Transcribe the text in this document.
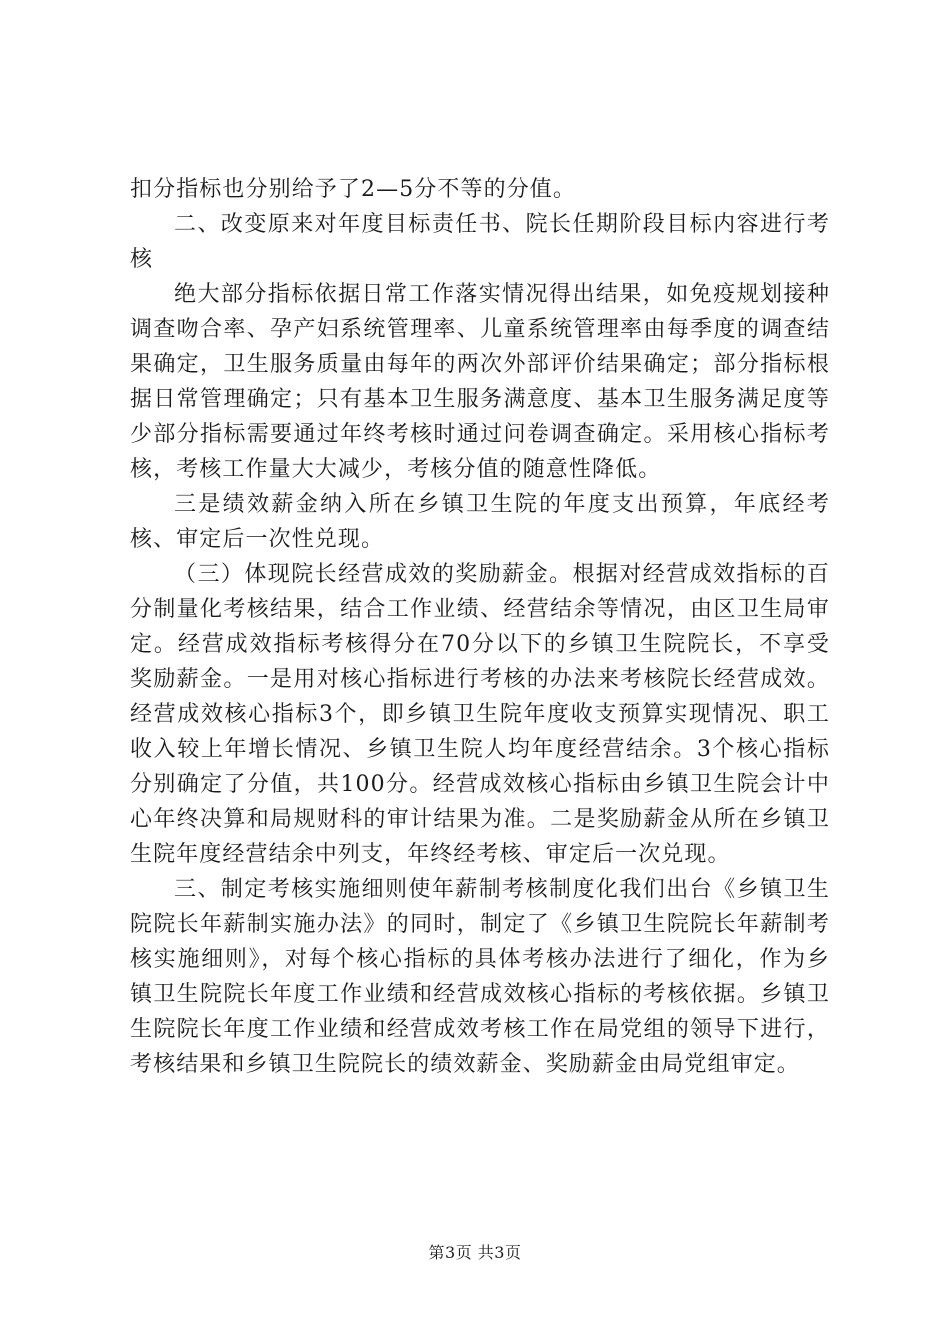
扣分指标也分别给予了2—5分不等的分值。

二、改变原来对年度目标责任书、院长任期阶段目标内容进行考核

绝大部分指标依据日常工作落实情况得出结果，如免疫规划接种调查吻合率、孕产妇系统管理率、儿童系统管理率由每季度的调查结果确定，卫生服务质量由每年的两次外部评价结果确定；部分指标根据日常管理确定；只有基本卫生服务满意度、基本卫生服务满足度等少部分指标需要通过年终考核时通过问卷调查确定。采用核心指标考核，考核工作量大大减少，考核分值的随意性降低。

三是绩效薪金纳入所在乡镇卫生院的年度支出预算，年底经考核、审定后一次性兑现。

（三）体现院长经营成效的奖励薪金。根据对经营成效指标的百分制量化考核结果，结合工作业绩、经营结余等情况，由区卫生局审定。经营成效指标考核得分在70分以下的乡镇卫生院院长，不享受奖励薪金。一是用对核心指标进行考核的办法来考核院长经营成效。经营成效核心指标3个，即乡镇卫生院年度收支预算实现情况、职工收入较上年增长情况、乡镇卫生院人均年度经营结余。3个核心指标分别确定了分值，共100分。经营成效核心指标由乡镇卫生院会计中心年终决算和局规财科的审计结果为准。二是奖励薪金从所在乡镇卫生院年度经营结余中列支，年终经考核、审定后一次兑现。

三、制定考核实施细则使年薪制考核制度化我们出台《乡镇卫生院院长年薪制实施办法》的同时，制定了《乡镇卫生院院长年薪制考核实施细则》，对每个核心指标的具体考核办法进行了细化，作为乡镇卫生院院长年度工作业绩和经营成效核心指标的考核依据。乡镇卫生院院长年度工作业绩和经营成效考核工作在局党组的领导下进行，考核结果和乡镇卫生院院长的绩效薪金、奖励薪金由局党组审定。

第3页 共3页
